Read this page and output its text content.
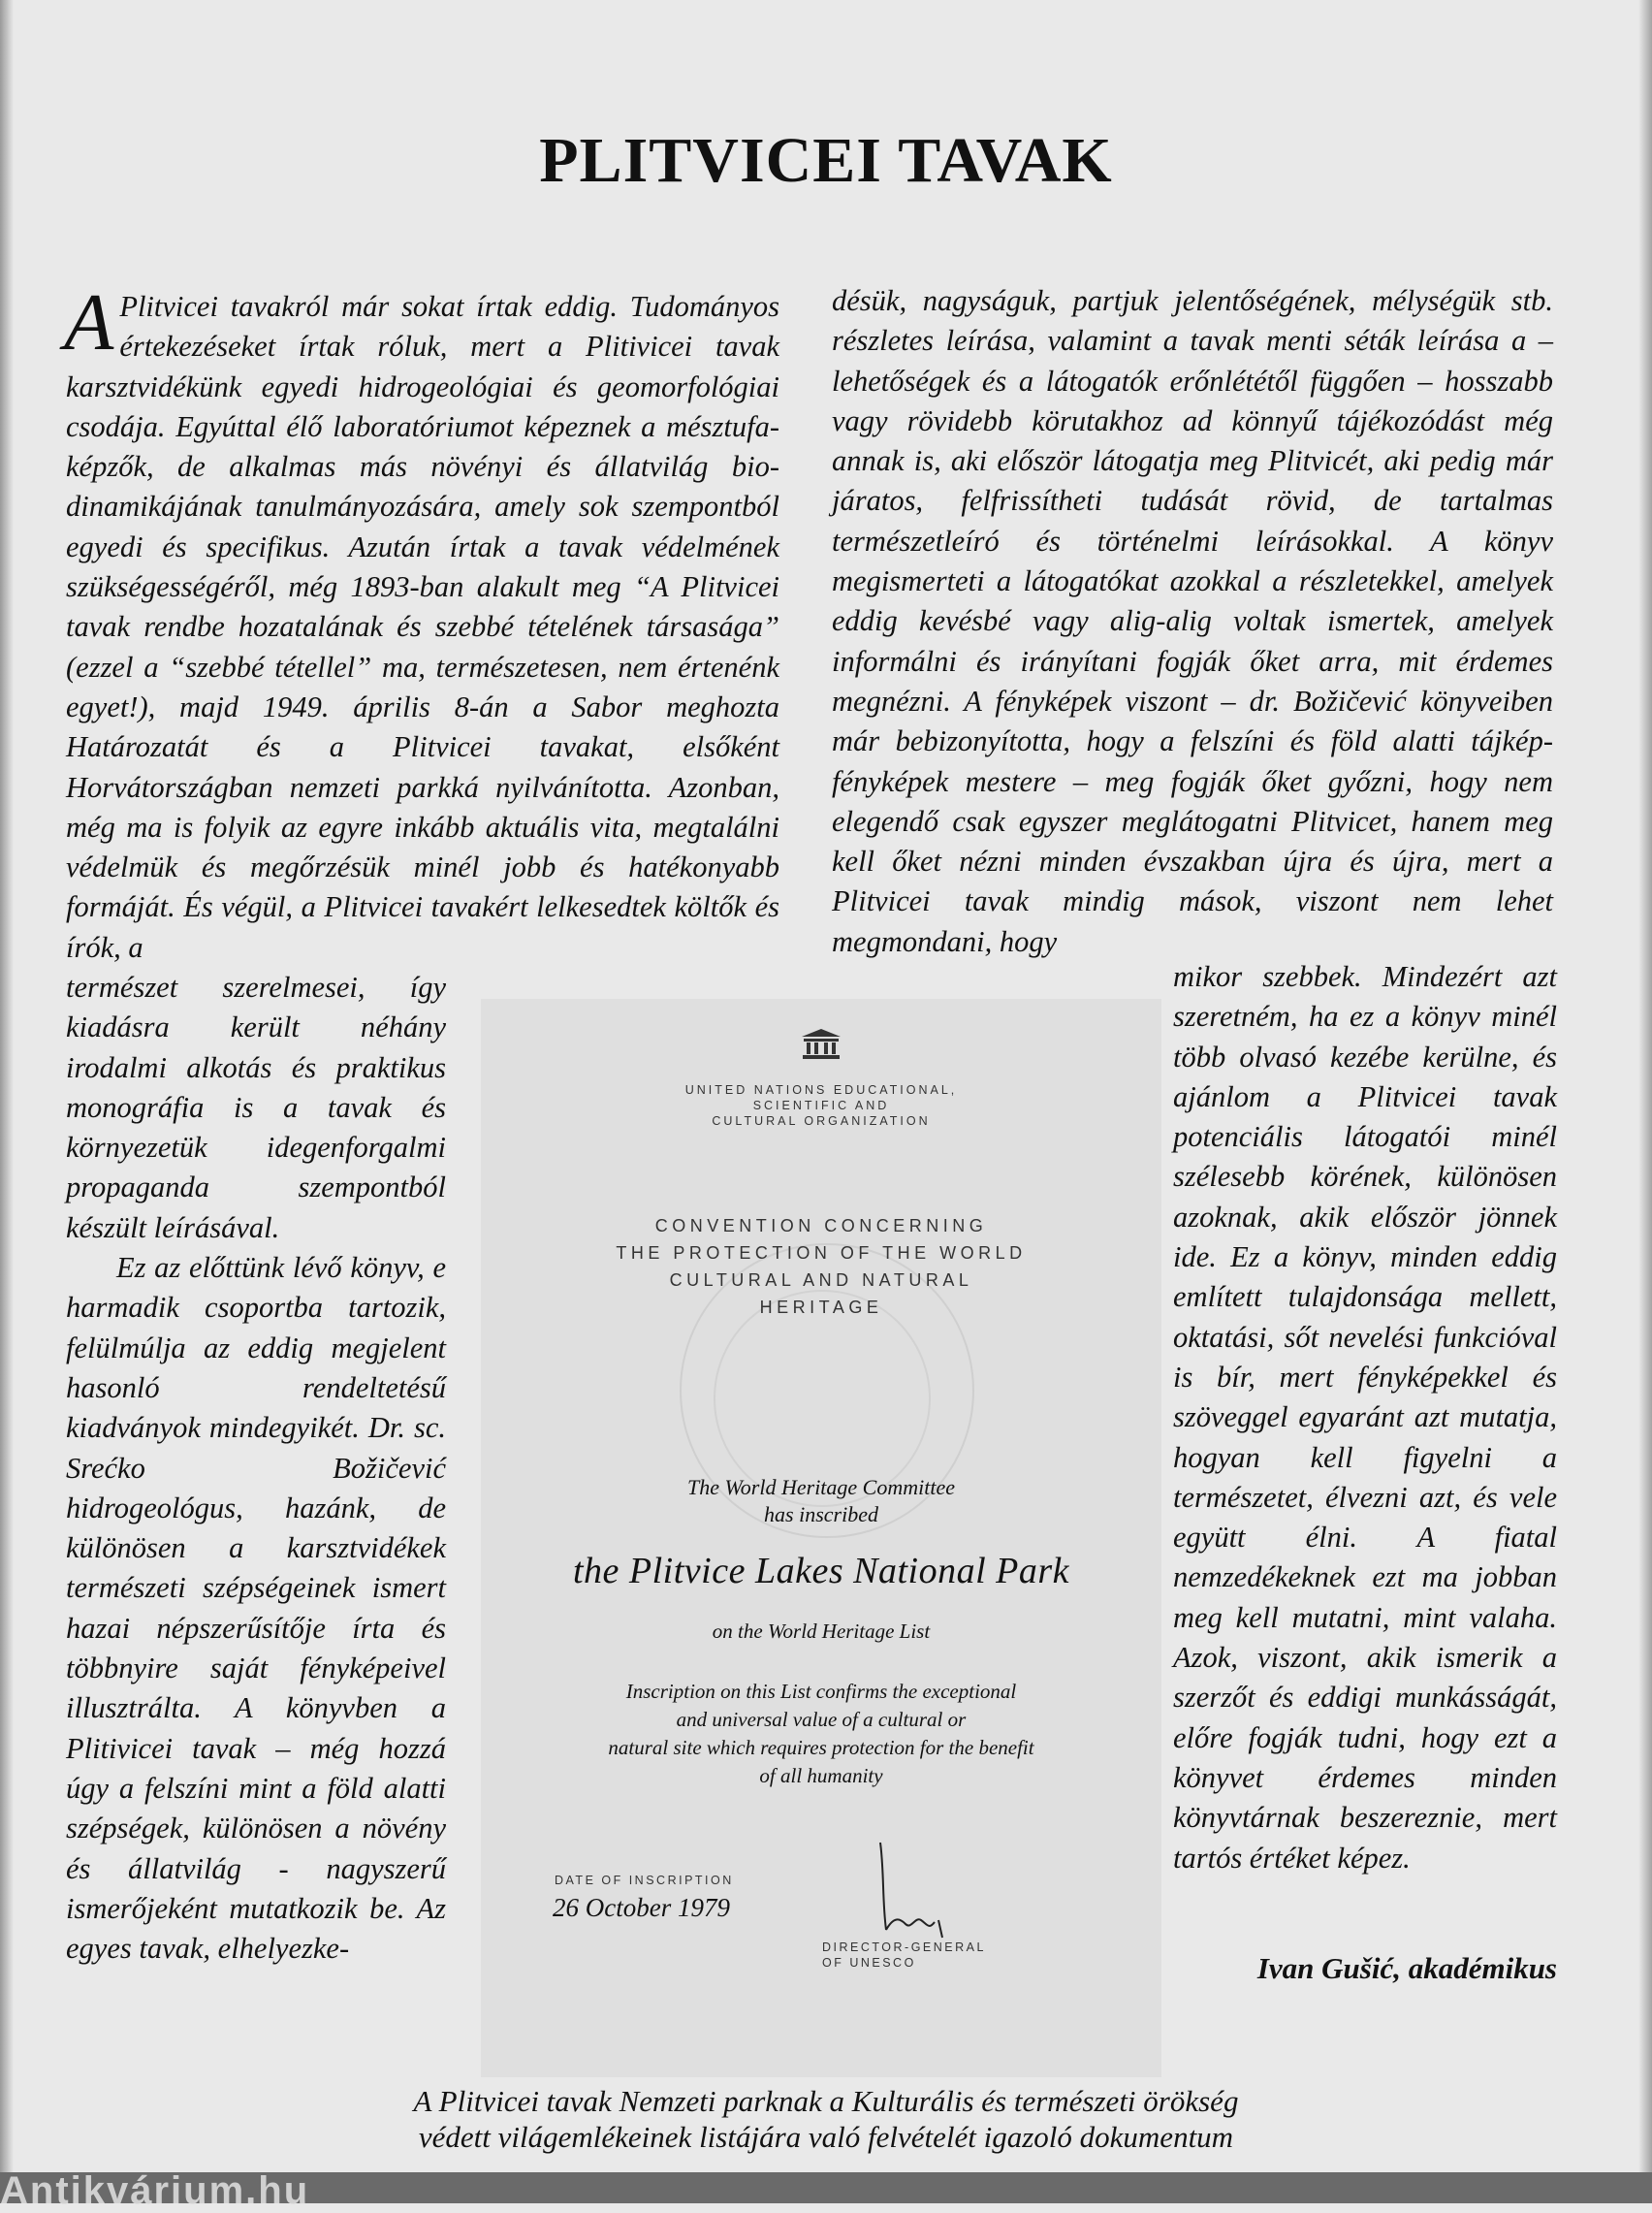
PLITVICEI TAVAK

A Plitvicei tavakról már sokat írtak eddig. Tudományos értekezéseket írtak róluk, mert a Plitivicei tavak karsztvidékünk egyedi hidrogeológiai és geomorfológiai csodája. Egyúttal élő laboratóriumot képeznek a mésztufa-képzők, de alkalmas más növényi és állatvilág bio-dinamikájának tanulmányozására, amely sok szempontból egyedi és specifikus. Azután írtak a tavak védelmének szükségességéről, még 1893-ban alakult meg “A Plitvicei tavak rendbe hozatalának és szebbé tételének társasága” (ezzel a “szebbé tétellel” ma, természetesen, nem értenénk egyet!), majd 1949. április 8-án a Sabor meghozta Határozatát és a Plitvicei tavakat, elsőként Horvátországban nemzeti parkká nyilvánította. Azonban, még ma is folyik az egyre inkább aktuális vita, megtalálni védelmük és megőrzésük minél jobb és hatékonyabb formáját. És végül, a Plitvicei tavakért lelkesedtek költők és írók, a

természet szerelmesei, így kiadásra került néhány irodalmi alkotás és praktikus monográfia is a tavak és környezetük idegenforgalmi propaganda szempontból készült leírásával.

Ez az előttünk lévő könyv, e harmadik csoportba tartozik, felülmúlja az eddig megjelent hasonló rendeltetésű kiadványok mindegyikét. Dr. sc. Srećko Božičević hidrogeológus, hazánk, de különösen a karsztvidékek természeti szépségeinek ismert hazai népszerűsítője írta és többnyire saját fényképeivel illusztrálta. A könyvben a Plitivicei tavak – még hozzá úgy a felszíni mint a föld alatti szépségek, különösen a növény és állatvilág - nagyszerű ismerőjeként mutatkozik be. Az egyes tavak, elhelyezke-

désük, nagyságuk, partjuk jelentőségének, mélységük stb. részletes leírása, valamint a tavak menti séták leírása a – lehetőségek és a látogatók erőnlététől függően – hosszabb vagy rövidebb körutakhoz ad könnyű tájékozódást még annak is, aki először látogatja meg Plitvicét, aki pedig már járatos, felfrissítheti tudását rövid, de tartalmas természetleíró és történelmi leírásokkal. A könyv megismerteti a látogatókat azokkal a részletekkel, amelyek eddig kevésbé vagy alig-alig voltak ismertek, amelyek informálni és irányítani fogják őket arra, mit érdemes megnézni. A fényképek viszont – dr. Božičević könyveiben már bebizonyította, hogy a felszíni és föld alatti tájkép-fényképek mestere – meg fogják őket győzni, hogy nem elegendő csak egyszer meglátogatni Plitvicet, hanem meg kell őket nézni minden évszakban újra és újra, mert a Plitvicei tavak mindig mások, viszont nem lehet megmondani, hogy

mikor szebbek. Mindezért azt szeretném, ha ez a könyv minél több olvasó kezébe kerülne, és ajánlom a Plitvicei tavak potenciális látogatói minél szélesebb körének, különösen azoknak, akik először jönnek ide. Ez a könyv, minden eddig említett tulajdonsága mellett, oktatási, sőt nevelési funkcióval is bír, mert fényképekkel és szöveggel egyaránt azt mutatja, hogyan kell figyelni a természetet, élvezni azt, és vele együtt élni. A fiatal nemzedékeknek ezt ma jobban meg kell mutatni, mint valaha. Azok, viszont, akik ismerik a szerzőt és eddigi munkásságát, előre fogják tudni, hogy ezt a könyvet érdemes minden könyvtárnak beszereznie, mert tartós értéket képez.

Ivan Gušić, akadémikus
UNITED NATIONS EDUCATIONAL,
SCIENTIFIC AND
CULTURAL ORGANIZATION
CONVENTION CONCERNING
THE PROTECTION OF THE WORLD
CULTURAL AND NATURAL
HERITAGE
The World Heritage Committee
has inscribed
the Plitvice Lakes National Park
on the World Heritage List
Inscription on this List confirms the exceptional
and universal value of a cultural or
natural site which requires protection for the benefit
of all humanity
DATE OF INSCRIPTION
26 October 1979
DIRECTOR-GENERAL
OF UNESCO
A Plitvicei tavak Nemzeti parknak a Kulturális és természeti örökség
védett világemlékeinek listájára való felvételét igazoló dokumentum
Antikvárium.hu
